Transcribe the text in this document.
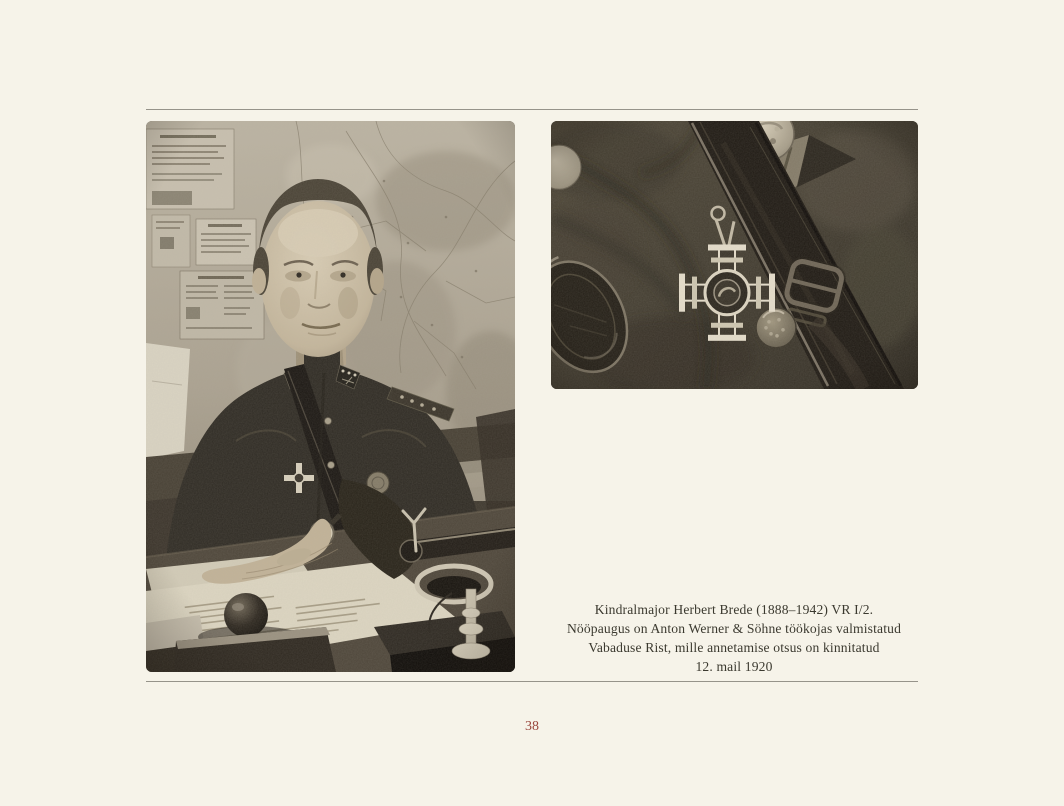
Kindralmajor Herbert Brede (1888–1942) VR I/2.
Nööpaugus on Anton Werner & Söhne töökojas valmistatud
Vabaduse Rist, mille annetamise otsus on kinnitatud
12. mail 1920
38
